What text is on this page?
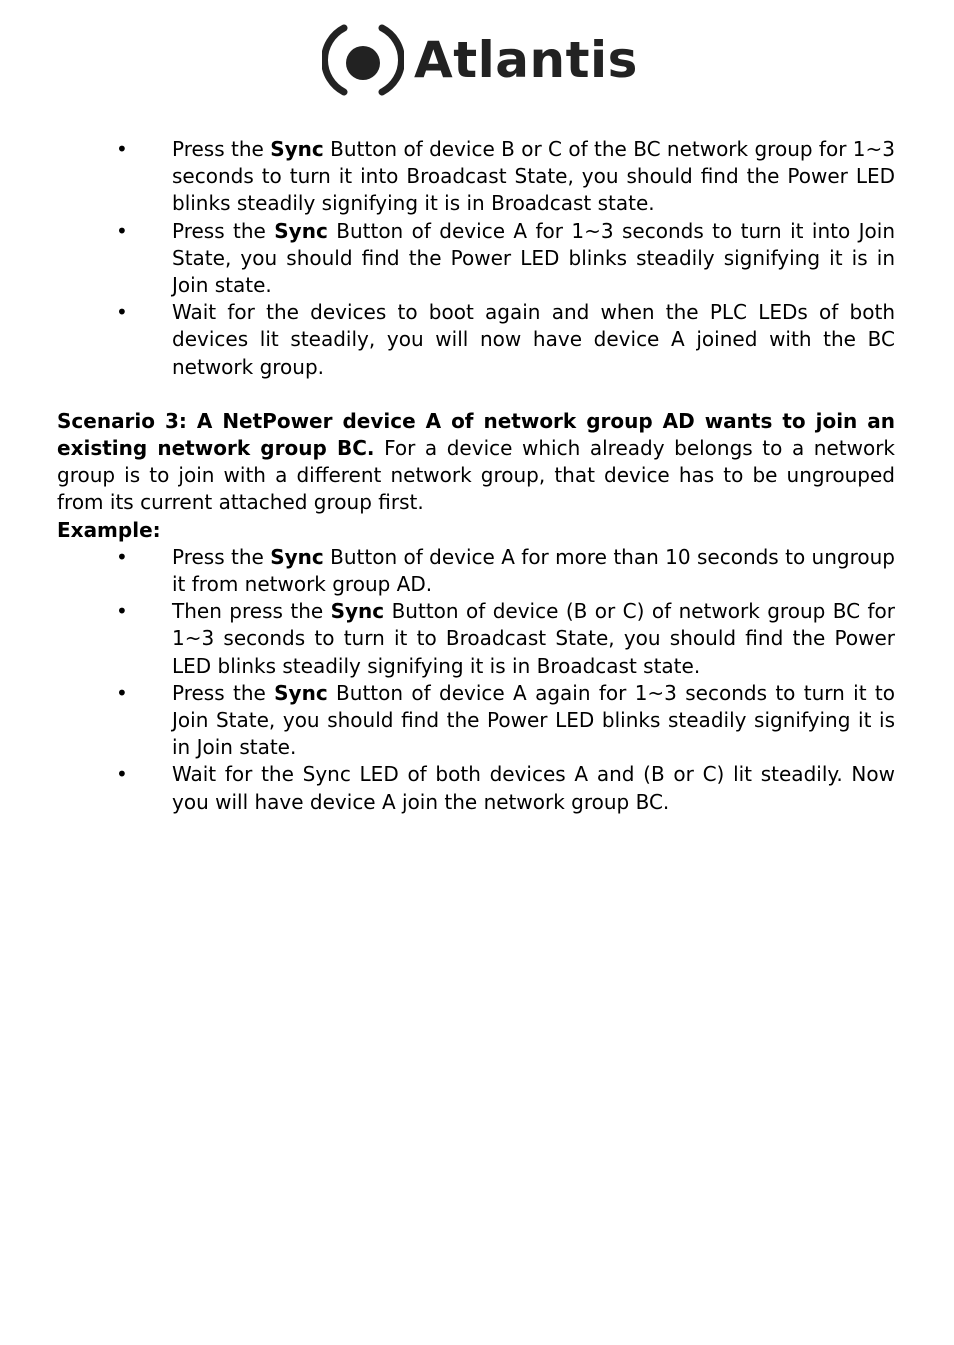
Atlantis
• Press the Sync Button of device B or C of the BC network group for 1~3 seconds to turn it into Broadcast State, you should find the Power LED blinks steadily signifying it is in Broadcast state.
• Press the Sync Button of device A for 1~3 seconds to turn it into Join State, you should find the Power LED blinks steadily signifying it is in Join state.
• Wait for the devices to boot again and when the PLC LEDs of both devices lit steadily, you will now have device A joined with the BC network group.

Scenario 3: A NetPower device A of network group AD wants to join an existing network group BC. For a device which already belongs to a network group is to join with a different network group, that device has to be ungrouped from its current attached group first.

Example:

• Press the Sync Button of device A for more than 10 seconds to ungroup it from network group AD.
• Then press the Sync Button of device (B or C) of network group BC for 1~3 seconds to turn it to Broadcast State, you should find the Power LED blinks steadily signifying it is in Broadcast state.
• Press the Sync Button of device A again for 1~3 seconds to turn it to Join State, you should find the Power LED blinks steadily signifying it is in Join state.
• Wait for the Sync LED of both devices A and (B or C) lit steadily. Now you will have device A join the network group BC.
